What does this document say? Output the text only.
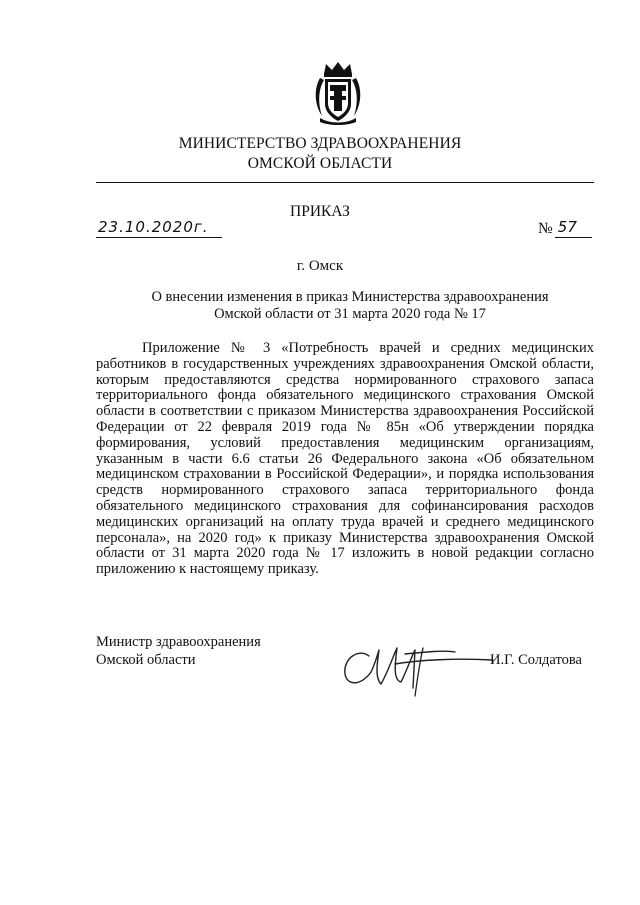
МИНИСТЕРСТВО ЗДРАВООХРАНЕНИЯ
ОМСКОЙ ОБЛАСТИ
ПРИКАЗ
23.10.2020г.	№ 57
г. Омск
О внесении изменения в приказ Министерства здравоохранения
Омской области от 31 марта 2020 года № 17

Приложение № 3 «Потребность врачей и средних медицинских работников в государственных учреждениях здравоохранения Омской области, которым предоставляются средства нормированного страхового запаса территориального фонда обязательного медицинского страхования Омской области в соответствии с приказом Министерства здравоохранения Российской Федерации от 22 февраля 2019 года № 85н «Об утверждении порядка формирования, условий предоставления медицинским организациям, указанным в части 6.6 статьи 26 Федерального закона «Об обязательном медицинском страховании в Российской Федерации», и порядка использования средств нормированного страхового запаса территориального фонда обязательного медицинского страхования для софинансирования расходов медицинских организаций на оплату труда врачей и среднего медицинского персонала», на 2020 год» к приказу Министерства здравоохранения Омской области от 31 марта 2020 года № 17 изложить в новой редакции согласно приложению к настоящему приказу.

Министр здравоохранения
Омской области	И.Г. Солдатова
